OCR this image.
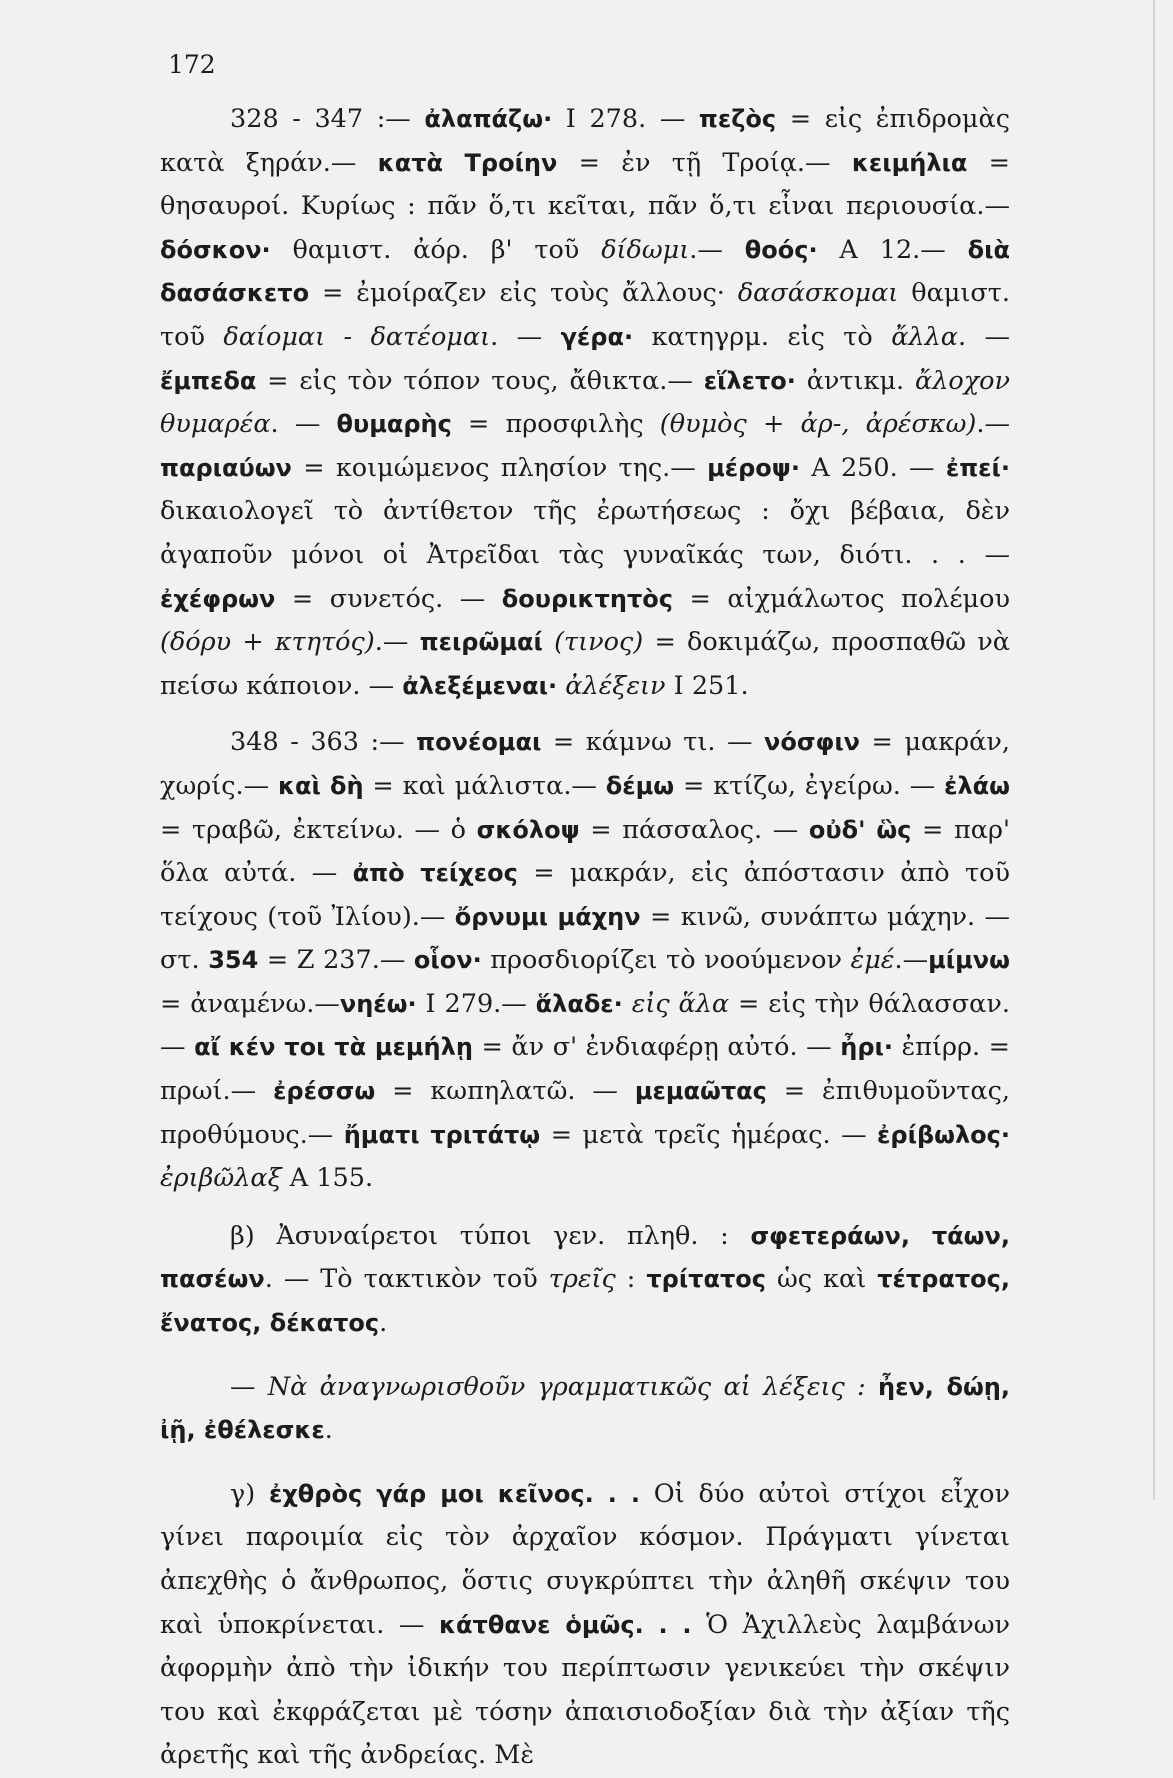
172

328 - 347 :— ἀλαπάζω· Ι 278. — πεζὸς = εἰς ἐπιδρομὰς κατὰ ξηράν.— κατὰ Τροίην = ἐν τῇ Τροίᾳ.— κειμήλια = θησαυροί. Κυρίως : πᾶν ὅ,τι κεῖται, πᾶν ὅ,τι εἶναι περιουσία.— δόσκον· θαμιστ. ἀόρ. β' τοῦ δίδωμι.— θοός· Α 12.— διὰ δασάσκετο = ἐμοίραζεν εἰς τοὺς ἄλλους· δασάσκομαι θαμιστ. τοῦ δαίομαι - δατέομαι. — γέρα· κατηγρμ. εἰς τὸ ἄλλα. — ἔμπεδα = εἰς τὸν τόπον τους, ἄθικτα.— εἵλετο· ἀντικμ. ἄλοχον θυμαρέα. — θυμαρὴς = προσφιλὴς (θυμὸς + ἀρ-, ἀρέσκω).— παριαύων = κοιμώμενος πλησίον της.— μέροψ· Α 250. — ἐπεί· δικαιολογεῖ τὸ ἀντίθετον τῆς ἐρωτήσεως : ὄχι βέβαια, δὲν ἀγαποῦν μόνοι οἱ Ἀτρεῖδαι τὰς γυναῖκάς των, διότι. . . — ἐχέφρων = συνετός. — δουρικτητὸς = αἰχμάλωτος πολέμου (δόρυ + κτητός).— πειρῶμαί (τινος) = δοκιμάζω, προσπαθῶ νὰ πείσω κάποιον. — ἀλεξέμεναι· ἀλέξειν Ι 251.

348 - 363 :— πονέομαι = κάμνω τι. — νόσφιν = μακράν, χωρίς.— καὶ δὴ = καὶ μάλιστα.— δέμω = κτίζω, ἐγείρω. — ἐλάω = τραβῶ, ἐκτείνω. — ὁ σκόλοψ = πάσσαλος. — οὐδ' ὣς = παρ' ὅλα αὐτά. — ἀπὸ τείχεος = μακράν, εἰς ἀπόστασιν ἀπὸ τοῦ τείχους (τοῦ Ἰλίου).— ὄρνυμι μάχην = κινῶ, συνάπτω μάχην. — στ. 354 = Ζ 237.— οἷον· προσδιορίζει τὸ νοούμενον ἐμέ.—μίμνω = ἀναμένω.—νηέω· Ι 279.— ἅλαδε· εἰς ἅλα = εἰς τὴν θάλασσαν. — αἴ κέν τοι τὰ μεμήλῃ = ἄν σ' ἐνδιαφέρῃ αὐτό. — ἦρι· ἐπίρρ. = πρωί.— ἐρέσσω = κωπηλατῶ. — μεμαῶτας = ἐπιθυμοῦντας, προθύμους.— ἤματι τριτάτῳ = μετὰ τρεῖς ἡμέρας. — ἐρίβωλος· ἐριβῶλαξ Α 155.

β) Ἀσυναίρετοι τύποι γεν. πληθ. : σφετεράων, τάων, πασέων. — Τὸ τακτικὸν τοῦ τρεῖς : τρίτατος ὡς καὶ τέτρατος, ἔνατος, δέκατος.

— Νὰ ἀναγνωρισθοῦν γραμματικῶς αἱ λέξεις : ἦεν, δώῃ, ἰῇ, ἐθέλεσκε.

γ) ἐχθρὸς γάρ μοι κεῖνος. . . Οἱ δύο αὐτοὶ στίχοι εἶχον γίνει παροιμία εἰς τὸν ἀρχαῖον κόσμον. Πράγματι γίνεται ἀπεχθὴς ὁ ἄνθρωπος, ὅστις συγκρύπτει τὴν ἀληθῆ σκέψιν του καὶ ὑποκρίνεται. — κάτθανε ὁμῶς. . . Ὁ Ἀχιλλεὺς λαμβάνων ἀφορμὴν ἀπὸ τὴν ἰδικήν του περίπτωσιν γενικεύει τὴν σκέψιν του καὶ ἐκφράζεται μὲ τόσην ἀπαισιοδοξίαν διὰ τὴν ἀξίαν τῆς ἀρετῆς καὶ τῆς ἀνδρείας. Μὲ
